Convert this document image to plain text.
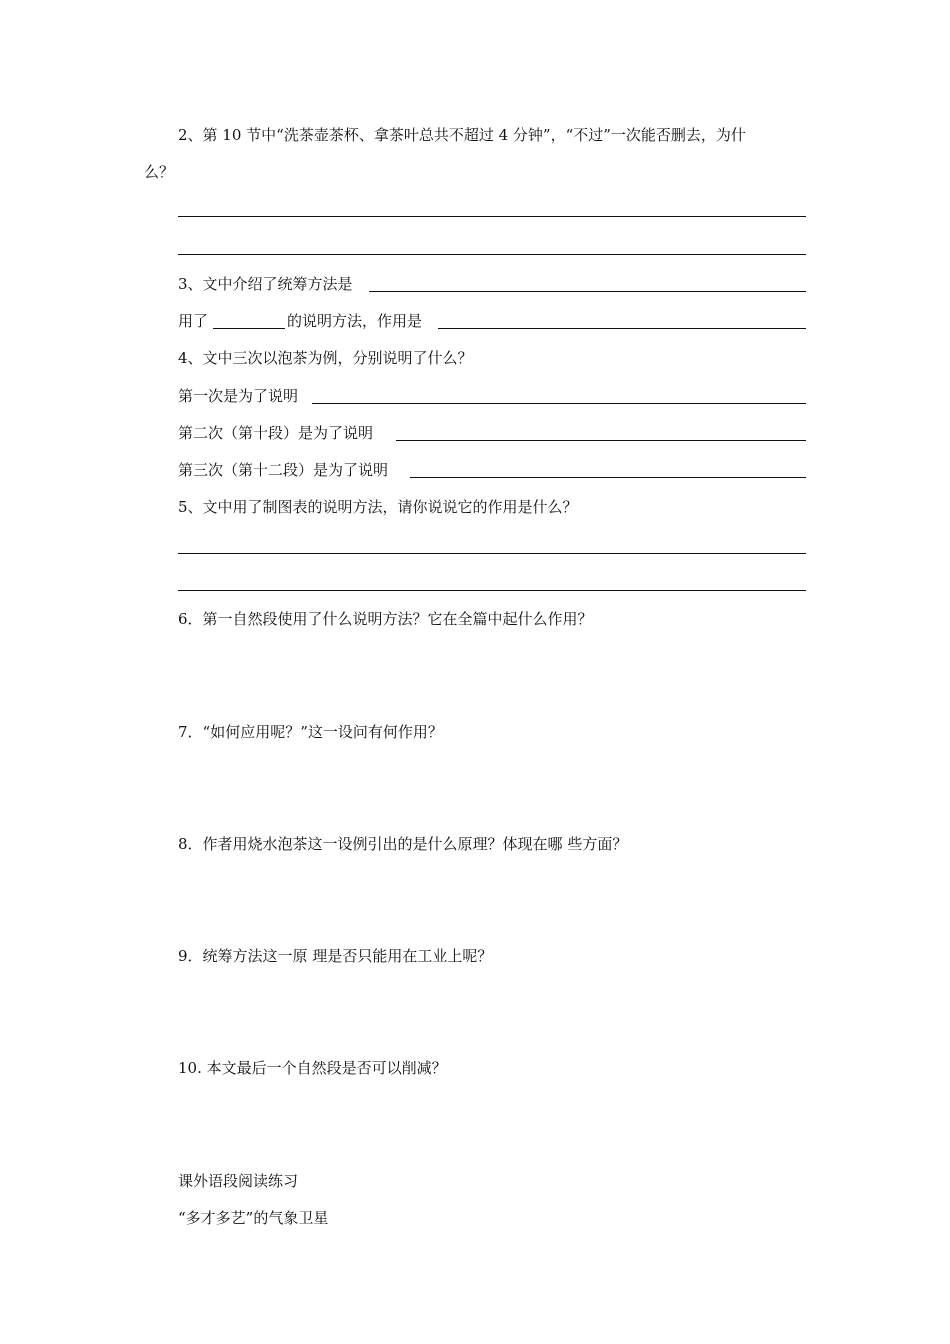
2、第 10 节中“洗茶壶茶杯、拿茶叶总共不超过 4 分钟”，“不过”一次能否删去，为什
么？
3、文中介绍了统筹方法是
用了	的说明方法，作用是
4、文中三次以泡茶为例，分别说明了什么？
第一次是为了说明
第二次（第十段）是为了说明
第三次（第十二段）是为了说明
5、文中用了制图表的说明方法，请你说说它的作用是什么？
6．第一自然段使用了什么说明方法？它在全篇中起什么作用？
7．“如何应用呢？”这一设问有何作用？
8．作者用烧水泡茶这一设例引出的是什么原理？体现在哪 些方面？
9．统筹方法这一原 理是否只能用在工业上呢？
10. 本文最后一个自然段是否可以削减？
课外语段阅读练习
“多才多艺”的气象卫星
